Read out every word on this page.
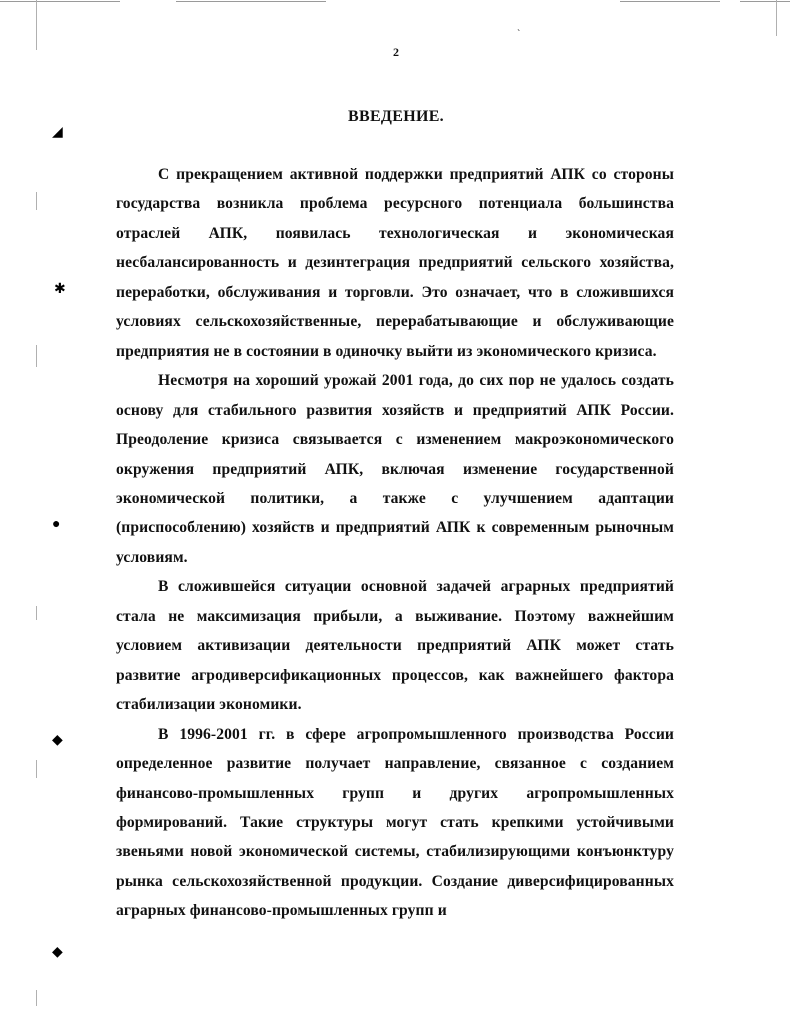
◢
✱
●
◆
◆
`
2
ВВЕДЕНИЕ.

С прекращением активной поддержки предприятий АПК со стороны государства возникла проблема ресурсного потенциала большинства отраслей АПК, появилась технологическая и экономическая несбалансированность и дезинтеграция предприятий сельского хозяйства, переработки, обслуживания и торговли. Это означает, что в сложившихся условиях сельскохозяйственные, перерабатывающие и обслуживающие предприятия не в состоянии в одиночку выйти из экономического кризиса.

Несмотря на хороший урожай 2001 года, до сих пор не удалось создать основу для стабильного развития хозяйств и предприятий АПК России. Преодоление кризиса связывается с изменением макроэкономического окружения предприятий АПК, включая изменение государственной экономической политики, а также с улучшением адаптации (приспособлению) хозяйств и предприятий АПК к современным рыночным условиям.

В сложившейся ситуации основной задачей аграрных предприятий стала не максимизация прибыли, а выживание. Поэтому важнейшим условием активизации деятельности предприятий АПК может стать развитие агродиверсификационных процессов, как важнейшего фактора стабилизации экономики.

В 1996-2001 гг. в сфере агропромышленного производства России определенное развитие получает направление, связанное с созданием финансово-промышленных групп и других агропромышленных формирований. Такие структуры могут стать крепкими устойчивыми звеньями новой экономической системы, стабилизирующими конъюнктуру рынка сельскохозяйственной продукции. Создание диверсифицированных аграрных финансово-промышленных групп и
